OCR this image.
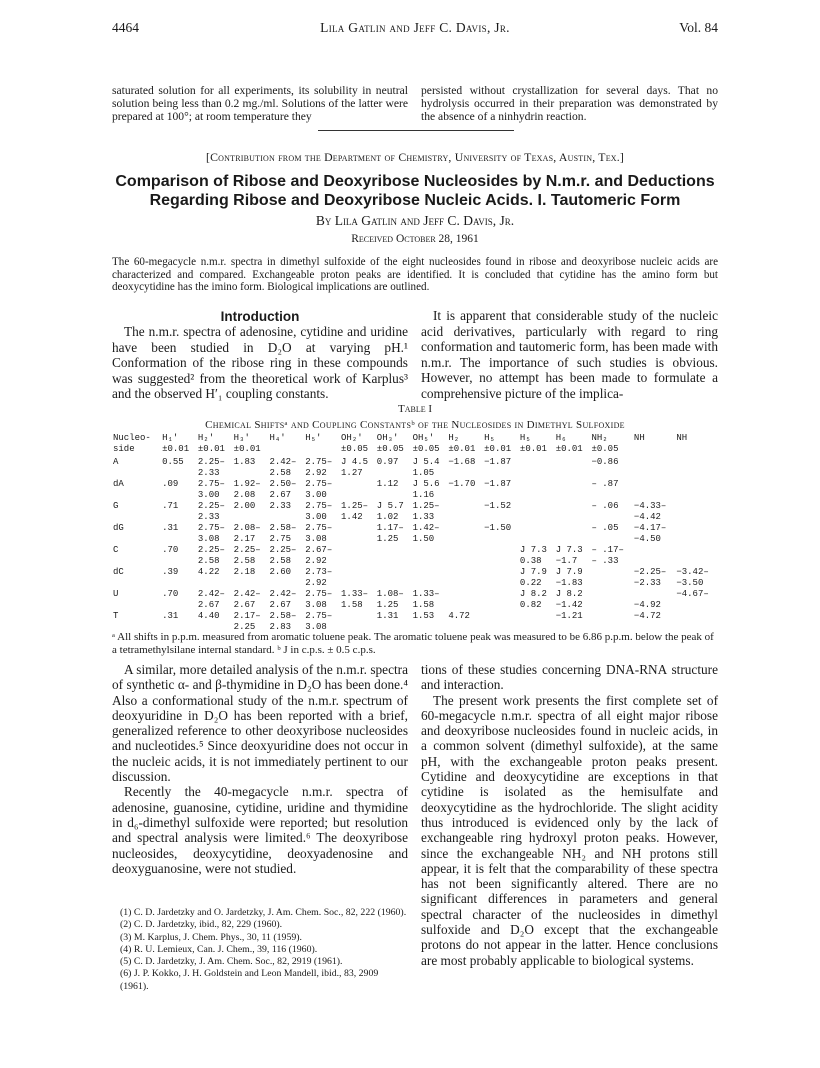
4464	Lila Gatlin and Jeff C. Davis, Jr.	Vol. 84
saturated solution for all experiments, its solubility in neutral solution being less than 0.2 mg./ml. Solutions of the latter were prepared at 100°; at room temperature they
persisted without crystallization for several days. That no hydrolysis occurred in their preparation was demonstrated by the absence of a ninhydrin reaction.
[Contribution from the Department of Chemistry, University of Texas, Austin, Tex.]
Comparison of Ribose and Deoxyribose Nucleosides by N.m.r. and Deductions Regarding Ribose and Deoxyribose Nucleic Acids. I. Tautomeric Form
By Lila Gatlin and Jeff C. Davis, Jr.
Received October 28, 1961
The 60-megacycle n.m.r. spectra in dimethyl sulfoxide of the eight nucleosides found in ribose and deoxyribose nucleic acids are characterized and compared. Exchangeable proton peaks are identified. It is concluded that cytidine has the amino form but deoxycytidine has the imino form. Biological implications are outlined.
Introduction
The n.m.r. spectra of adenosine, cytidine and uridine have been studied in D₂O at varying pH.¹ Conformation of the ribose ring in these compounds was suggested² from the theoretical work of Karplus³ and the observed H′₁ coupling constants.
It is apparent that considerable study of the nucleic acid derivatives, particularly with regard to ring conformation and tautomeric form, has been made with n.m.r. The importance of such studies is obvious. However, no attempt has been made to formulate a comprehensive picture of the implica-
Table I
Chemical Shiftsᵃ and Coupling Constantsᵇ of the Nucleosides in Dimethyl Sulfoxide
Nucleo-	H₁′	H₂′	H₃′	H₄′	H₅′	OH₂′	OH₃′	OH₅′	H₂	H₅	H₅	H₆	NH₂	NH	NH
side	±0.01	±0.01	±0.01			±0.05	±0.05	±0.05	±0.01	±0.01	±0.01	±0.01	±0.05		
A	0.55	2.25–	1.83	2.42–	2.75–	J 4.5	0.97	J 5.4	−1.68	−1.87			−0.86		
		2.33		2.58	2.92	1.27		1.05							
dA	.09	2.75–	1.92–	2.50–	2.75–		1.12	J 5.6	−1.70	−1.87			– .87		
		3.00	2.08	2.67	3.00			1.16							
G	.71	2.25–	2.00	2.33	2.75–	1.25–	J 5.7	1.25–		−1.52			– .06	−4.33–	
		2.33			3.00	1.42	1.02	1.33						−4.42	
dG	.31	2.75–	2.08–	2.58–	2.75–		1.17–	1.42–		−1.50			– .05	−4.17–	
		3.08	2.17	2.75	3.08		1.25	1.50						−4.50	
C	.70	2.25–	2.25–	2.25–	2.67–						J 7.3	J 7.3	– .17–		
		2.58	2.58	2.58	2.92						0.38	−1.7	– .33		
dC	.39	4.22	2.18	2.60	2.73–						J 7.9	J 7.9		−2.25–	−3.42–
					2.92						0.22	−1.83		−2.33	−3.50
U	.70	2.42–	2.42–	2.42–	2.75–	1.33–	1.08–	1.33–			J 8.2	J 8.2			−4.67–
		2.67	2.67	2.67	3.08	1.58	1.25	1.58			0.82	−1.42		−4.92	
T	.31	4.40	2.17–	2.58–	2.75–		1.31	1.53	4.72			−1.21		−4.72	
			2.25	2.83	3.08										
ᵃ All shifts in p.p.m. measured from aromatic toluene peak. The aromatic toluene peak was measured to be 6.86 p.p.m. below the peak of a tetramethylsilane internal standard. ᵇ J in c.p.s. ± 0.5 c.p.s.

A similar, more detailed analysis of the n.m.r. spectra of synthetic α- and β-thymidine in D₂O has been done.⁴ Also a conformational study of the n.m.r. spectrum of deoxyuridine in D₂O has been reported with a brief, generalized reference to other deoxyribose nucleosides and nucleotides.⁵ Since deoxyuridine does not occur in the nucleic acids, it is not immediately pertinent to our discussion.

Recently the 40-megacycle n.m.r. spectra of adenosine, guanosine, cytidine, uridine and thymidine in d₆-dimethyl sulfoxide were reported; but resolution and spectral analysis were limited.⁶ The deoxyribose nucleosides, deoxycytidine, deoxyadenosine and deoxyguanosine, were not studied.

tions of these studies concerning DNA-RNA structure and interaction.

The present work presents the first complete set of 60-megacycle n.m.r. spectra of all eight major ribose and deoxyribose nucleosides found in nucleic acids, in a common solvent (dimethyl sulfoxide), at the same pH, with the exchangeable proton peaks present. Cytidine and deoxycytidine are exceptions in that cytidine is isolated as the hemisulfate and deoxycytidine as the hydrochloride. The slight acidity thus introduced is evidenced only by the lack of exchangeable ring hydroxyl proton peaks. However, since the exchangeable NH₂ and NH protons still appear, it is felt that the comparability of these spectra has not been significantly altered. There are no significant differences in parameters and general spectral character of the nucleosides in dimethyl sulfoxide and D₂O except that the exchangeable protons do not appear in the latter. Hence conclusions are most probably applicable to biological systems.

(1) C. D. Jardetzky and O. Jardetzky, J. Am. Chem. Soc., 82, 222 (1960).
(2) C. D. Jardetzky, ibid., 82, 229 (1960).
(3) M. Karplus, J. Chem. Phys., 30, 11 (1959).
(4) R. U. Lemieux, Can. J. Chem., 39, 116 (1960).
(5) C. D. Jardetzky, J. Am. Chem. Soc., 82, 2919 (1961).
(6) J. P. Kokko, J. H. Goldstein and Leon Mandell, ibid., 83, 2909 (1961).
